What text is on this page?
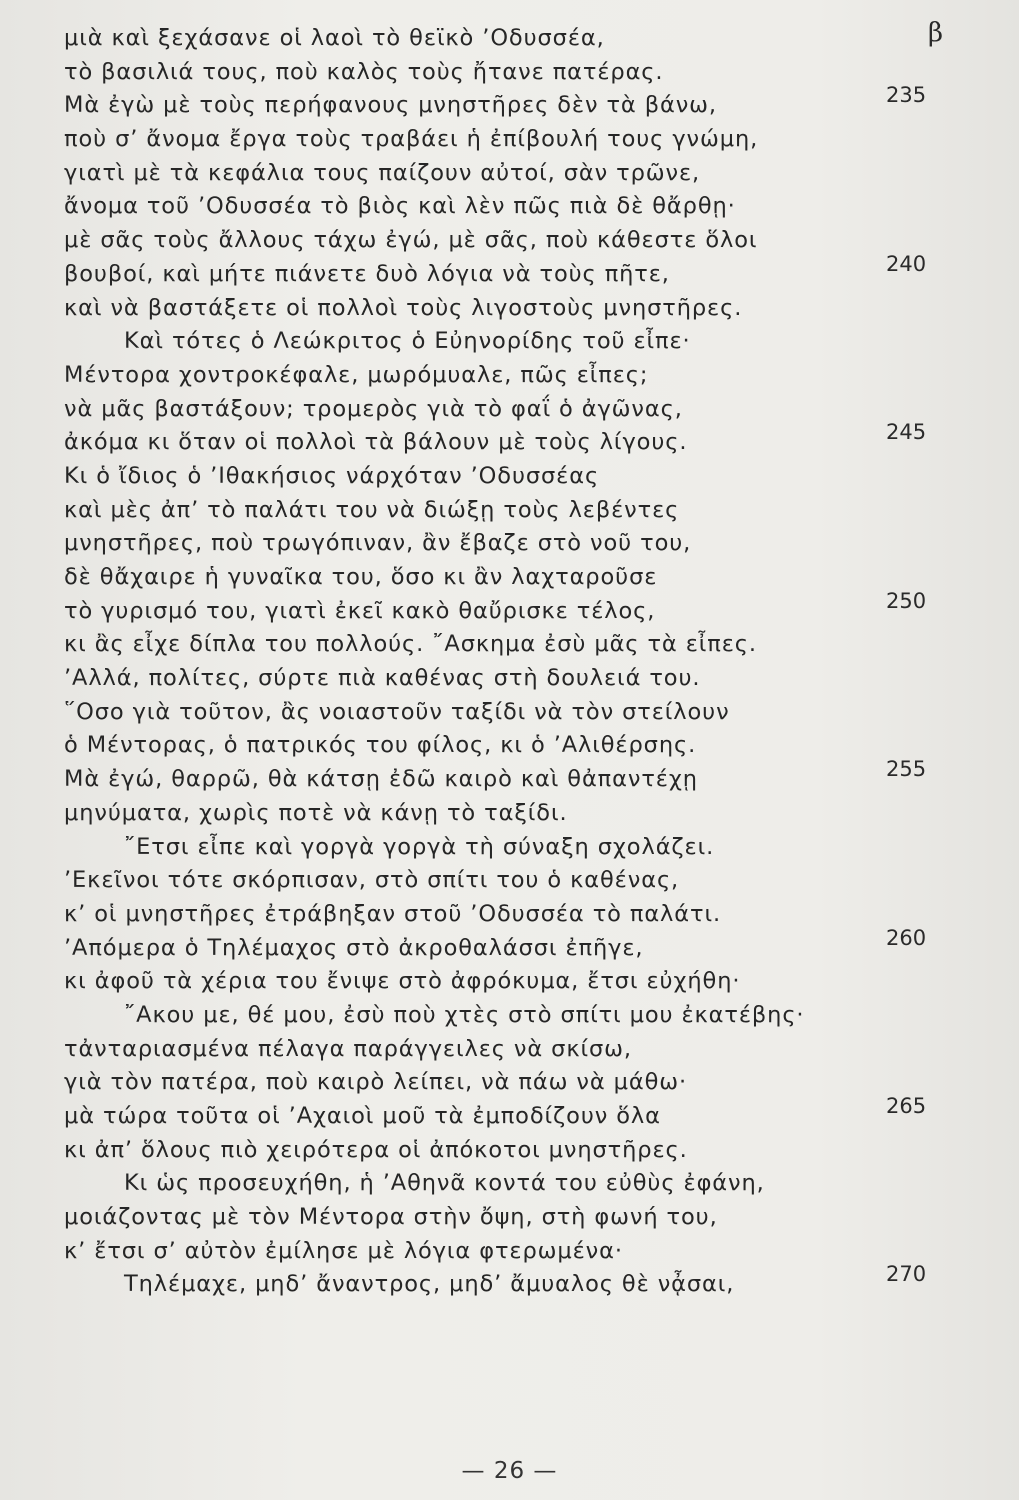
β
μιὰ καὶ ξεχάσανε οἱ λαοὶ τὸ θεϊκὸ ’Οδυσσέα,
τὸ βασιλιά τους, ποὺ καλὸς τοὺς ἤτανε πατέρας.
Μὰ ἐγὼ μὲ τοὺς περήφανους μνηστῆρες δὲν τὰ βάνω,	235
ποὺ σ’ ἄνομα ἔργα τοὺς τραβάει ἡ ἐπίβουλή τους γνώμη,
γιατὶ μὲ τὰ κεφάλια τους παίζουν αὐτοί, σὰν τρῶνε,
ἄνομα τοῦ ’Οδυσσέα τὸ βιὸς καὶ λὲν πῶς πιὰ δὲ θἄρθῃ·
μὲ σᾶς τοὺς ἄλλους τάχω ἐγώ, μὲ σᾶς, ποὺ κάθεστε ὅλοι
βουβοί, καὶ μήτε πιάνετε δυὸ λόγια νὰ τοὺς πῆτε,	240
καὶ νὰ βαστάξετε οἱ πολλοὶ τοὺς λιγοστοὺς μνηστῆρες.
Καὶ τότες ὁ Λεώκριτος ὁ Εὐηνορίδης τοῦ εἶπε·
Μέντορα χοντροκέφαλε, μωρόμυαλε, πῶς εἶπες;
νὰ μᾶς βαστάξουν; τρομερὸς γιὰ τὸ φαΐ ὁ ἀγῶνας,
ἀκόμα κι ὅταν οἱ πολλοὶ τὰ βάλουν μὲ τοὺς λίγους.	245
Κι ὁ ἴδιος ὁ ’Ιθακήσιος νάρχόταν ’Οδυσσέας
καὶ μὲς ἀπ’ τὸ παλάτι του νὰ διώξῃ τοὺς λεβέντες
μνηστῆρες, ποὺ τρωγόπιναν, ἂν ἔβαζε στὸ νοῦ του,
δὲ θἄχαιρε ἡ γυναῖκα του, ὅσο κι ἂν λαχταροῦσε
τὸ γυρισμό του, γιατὶ ἐκεῖ κακὸ θαὔρισκε τέλος,	250
κι ἂς εἶχε δίπλα του πολλούς. ῎Ασκημα ἐσὺ μᾶς τὰ εἶπες.
’Αλλά, πολίτες, σύρτε πιὰ καθένας στὴ δουλειά του.
῞Οσο γιὰ τοῦτον, ἂς νοιαστοῦν ταξίδι νὰ τὸν στείλουν
ὁ Μέντορας, ὁ πατρικός του φίλος, κι ὁ ’Αλιθέρσης.
Μὰ ἐγώ, θαρρῶ, θὰ κάτσῃ ἐδῶ καιρὸ καὶ θἀπαντέχῃ	255
μηνύματα, χωρὶς ποτὲ νὰ κάνῃ τὸ ταξίδι.
῎Ετσι εἶπε καὶ γοργὰ γοργὰ τὴ σύναξη σχολάζει.
’Εκεῖνοι τότε σκόρπισαν, στὸ σπίτι του ὁ καθένας,
κ’ οἱ μνηστῆρες ἐτράβηξαν στοῦ ’Οδυσσέα τὸ παλάτι.
’Απόμερα ὁ Τηλέμαχος στὸ ἀκροθαλάσσι ἐπῆγε,	260
κι ἀφοῦ τὰ χέρια του ἔνιψε στὸ ἀφρόκυμα, ἔτσι εὐχήθη·
῎Ακου με, θέ μου, ἐσὺ ποὺ χτὲς στὸ σπίτι μου ἐκατέβης·
τἀνταριασμένα πέλαγα παράγγειλες νὰ σκίσω,
γιὰ τὸν πατέρα, ποὺ καιρὸ λείπει, νὰ πάω νὰ μάθω·
μὰ τώρα τοῦτα οἱ ’Αχαιοὶ μοῦ τὰ ἐμποδίζουν ὅλα	265
κι ἀπ’ ὅλους πιὸ χειρότερα οἱ ἀπόκοτοι μνηστῆρες.
Κι ὡς προσευχήθη, ἡ ’Αθηνᾶ κοντά του εὐθὺς ἐφάνη,
μοιάζοντας μὲ τὸν Μέντορα στὴν ὄψη, στὴ φωνή του,
κ’ ἔτσι σ’ αὐτὸν ἐμίλησε μὲ λόγια φτερωμένα·
Τηλέμαχε, μηδ’ ἄναντρος, μηδ’ ἄμυαλος θὲ νᾆσαι,	270
— 26 —
